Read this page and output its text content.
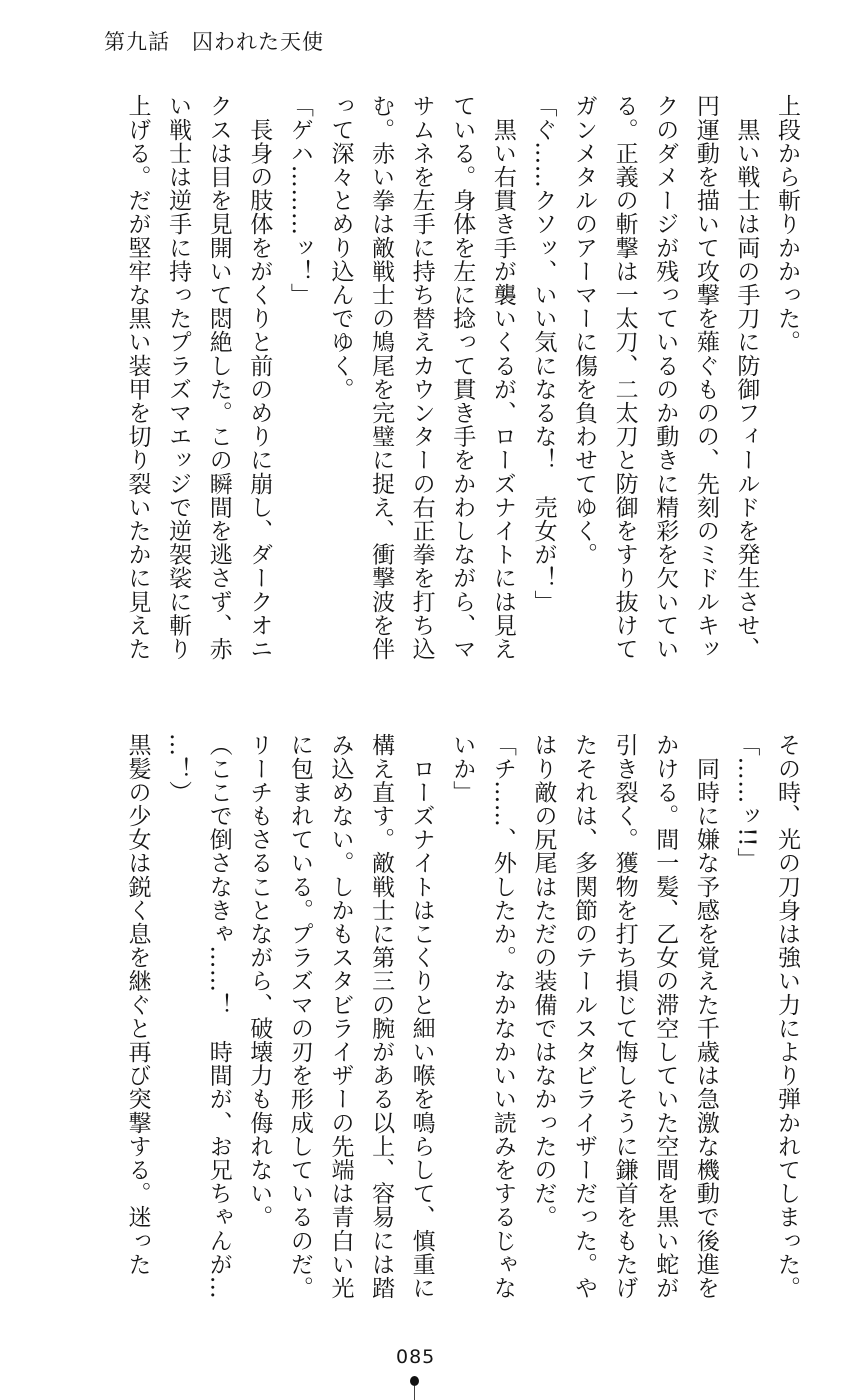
第九話　囚われた天使
上段から斬りかかった。
　黒い戦士は両の手刀に防御フィールドを発生させ、
円運動を描いて攻撃を薙ぐものの、先刻のミドルキッ
クのダメージが残っているのか動きに精彩を欠いてい
る。正義の斬撃は一太刀、二太刀と防御をすり抜けて
ガンメタルのアーマーに傷を負わせてゆく。
「ぐ……クソッ、いい気になるな！　売女が！」
　黒い右貫き手が襲いくるが、ローズナイトには見え
ている。身体を左に捻って貫き手をかわしながら、マ
サムネを左手に持ち替えカウンターの右正拳を打ち込
む。赤い拳は敵戦士の鳩尾を完璧に捉え、衝撃波を伴
って深々とめり込んでゆく。
「ゲハ………ッ！」
　長身の肢体をがくりと前のめりに崩し、ダークオニ
クスは目を見開いて悶絶した。この瞬間を逃さず、赤
い戦士は逆手に持ったプラズマエッジで逆袈裟に斬り
上げる。だが堅牢な黒い装甲を切り裂いたかに見えた
その時、光の刀身は強い力により弾かれてしまった。
「……ッ!!」
　同時に嫌な予感を覚えた千歳は急激な機動で後進を
かける。間一髪、乙女の滞空していた空間を黒い蛇が
引き裂く。獲物を打ち損じて悔しそうに鎌首をもたげ
たそれは、多関節のテールスタビライザーだった。や
はり敵の尻尾はただの装備ではなかったのだ。
「チ……、外したか。なかなかいい読みをするじゃな
いか」
　ローズナイトはこくりと細い喉を鳴らして、慎重に
構え直す。敵戦士に第三の腕がある以上、容易には踏
み込めない。しかもスタビライザーの先端は青白い光
に包まれている。プラズマの刃を形成しているのだ。
リーチもさることながら、破壊力も侮れない。
（ここで倒さなきゃ……！　時間が、お兄ちゃんが…
…！）
黒髪の少女は鋭く息を継ぐと再び突撃する。迷った
085
